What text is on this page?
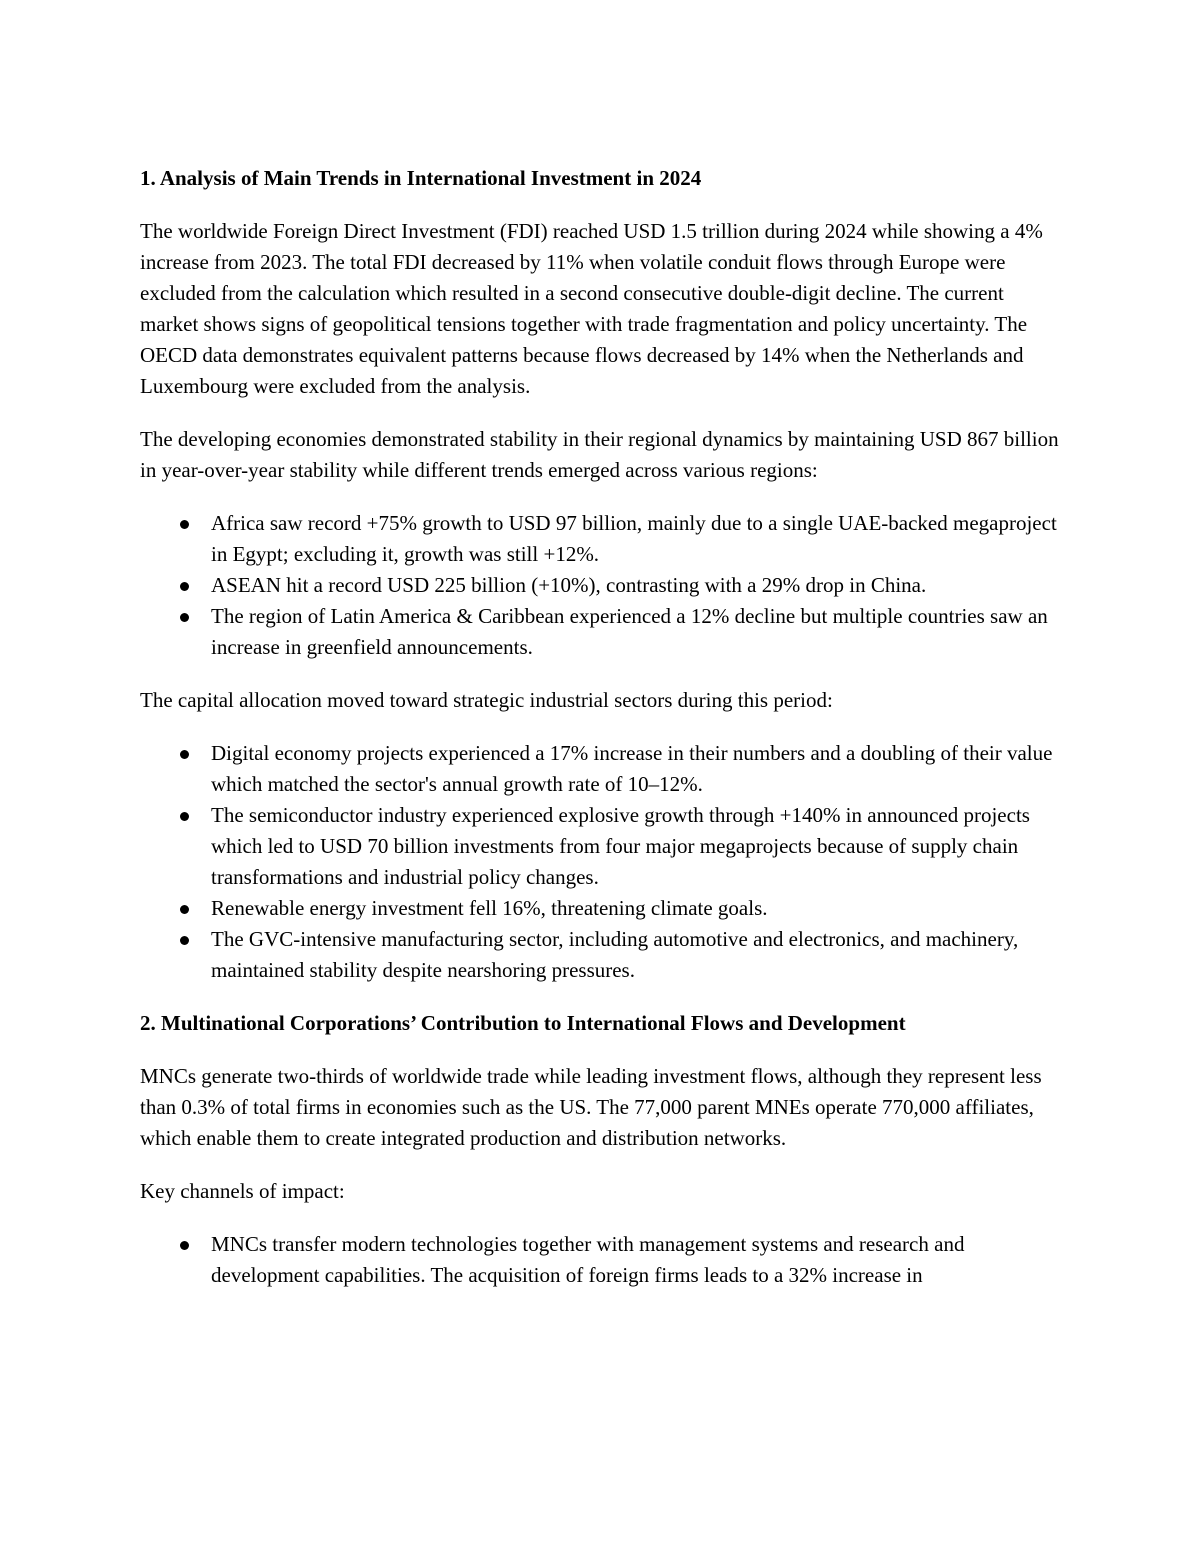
1. Analysis of Main Trends in International Investment in 2024

The worldwide Foreign Direct Investment (FDI) reached USD 1.5 trillion during 2024 while showing a 4% increase from 2023. The total FDI decreased by 11% when volatile conduit flows through Europe were excluded from the calculation which resulted in a second consecutive double-digit decline. The current market shows signs of geopolitical tensions together with trade fragmentation and policy uncertainty. The OECD data demonstrates equivalent patterns because flows decreased by 14% when the Netherlands and Luxembourg were excluded from the analysis.

The developing economies demonstrated stability in their regional dynamics by maintaining USD 867 billion in year-over-year stability while different trends emerged across various regions:

Africa saw record +75% growth to USD 97 billion, mainly due to a single UAE-backed megaproject in Egypt; excluding it, growth was still +12%.
ASEAN hit a record USD 225 billion (+10%), contrasting with a 29% drop in China.
The region of Latin America & Caribbean experienced a 12% decline but multiple countries saw an increase in greenfield announcements.

The capital allocation moved toward strategic industrial sectors during this period:

Digital economy projects experienced a 17% increase in their numbers and a doubling of their value which matched the sector's annual growth rate of 10–12%.
The semiconductor industry experienced explosive growth through +140% in announced projects which led to USD 70 billion investments from four major megaprojects because of supply chain transformations and industrial policy changes.
Renewable energy investment fell 16%, threatening climate goals.
The GVC-intensive manufacturing sector, including automotive and electronics, and machinery, maintained stability despite nearshoring pressures.
2. Multinational Corporations’ Contribution to International Flows and Development

MNCs generate two-thirds of worldwide trade while leading investment flows, although they represent less than 0.3% of total firms in economies such as the US. The 77,000 parent MNEs operate 770,000 affiliates, which enable them to create integrated production and distribution networks.

Key channels of impact:

MNCs transfer modern technologies together with management systems and research and development capabilities. The acquisition of foreign firms leads to a 32% increase in
